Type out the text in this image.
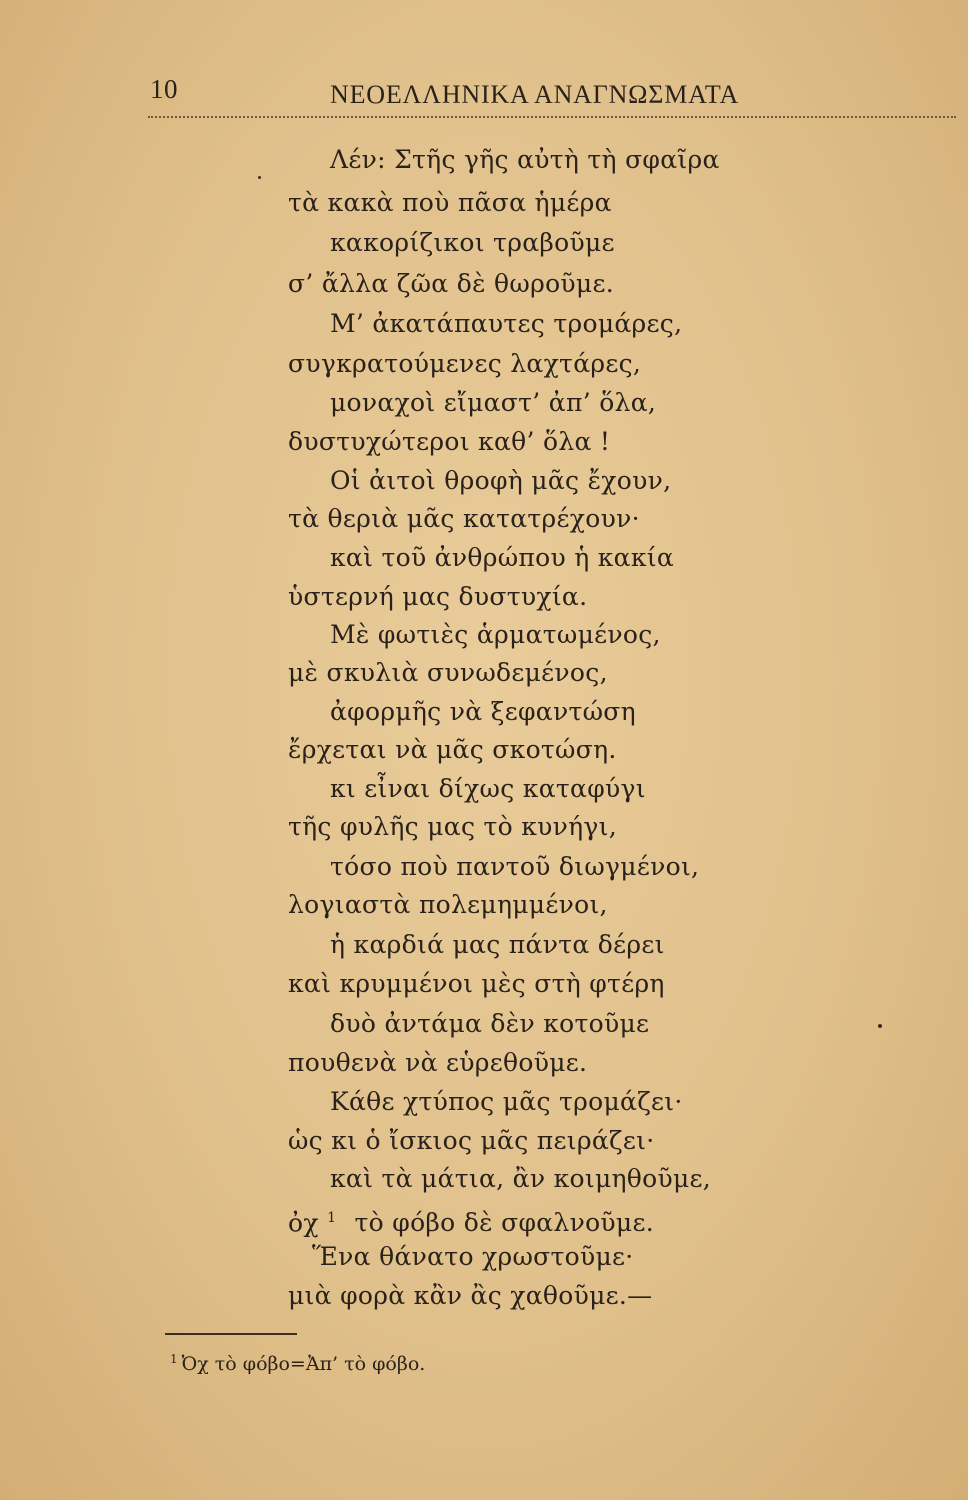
10	ΝΕΟΕΛΛΗΝΙΚΑ ΑΝΑΓΝΩΣΜΑΤΑ
Λέν: Στῆς γῆς αὐτὴ τὴ σφαῖρα
τὰ κακὰ ποὺ πᾶσα ἡμέρα
κακορίζικοι τραβοῦμε
σ’ ἄλλα ζῶα δὲ θωροῦμε.
Μ’ ἀκατάπαυτες τρομάρες,
συγκρατούμενες λαχτάρες,
μοναχοὶ εἴμαστ’ ἀπ’ ὅλα,
δυστυχώτεροι καθ’ ὅλα !
Οἱ ἀιτοὶ θροφὴ μᾶς ἔχουν,
τὰ θεριὰ μᾶς κατατρέχουν·
καὶ τοῦ ἀνθρώπου ἡ κακία
ὑστερνή μας δυστυχία.
Μὲ φωτιὲς ἁρματωμένος,
μὲ σκυλιὰ συνωδεμένος,
ἀφορμῆς νὰ ξεφαντώση
ἔρχεται νὰ μᾶς σκοτώση.
κι εἶναι δίχως καταφύγι
τῆς φυλῆς μας τὸ κυνήγι,
τόσο ποὺ παντοῦ διωγμένοι,
λογιαστὰ πολεμημμένοι,
ἡ καρδιά μας πάντα δέρει
καὶ κρυμμένοι μὲς στὴ φτέρη
δυὸ ἀντάμα δὲν κοτοῦμε
πουθενὰ νὰ εὑρεθοῦμε.
Κάθε χτύπος μᾶς τρομάζει·
ὡς κι ὁ ἴσκιος μᾶς πειράζει·
καὶ τὰ μάτια, ἂν κοιμηθοῦμε,
ὀχ $^1$ τὸ φόβο δὲ σφαλνοῦμε.
Ἕνα θάνατο χρωστοῦμε·
μιὰ φορὰ κἂν ἂς χαθοῦμε.—
$^1$ Ὀχ τὸ φόβο=Ἀπ’ τὸ φόβο.
